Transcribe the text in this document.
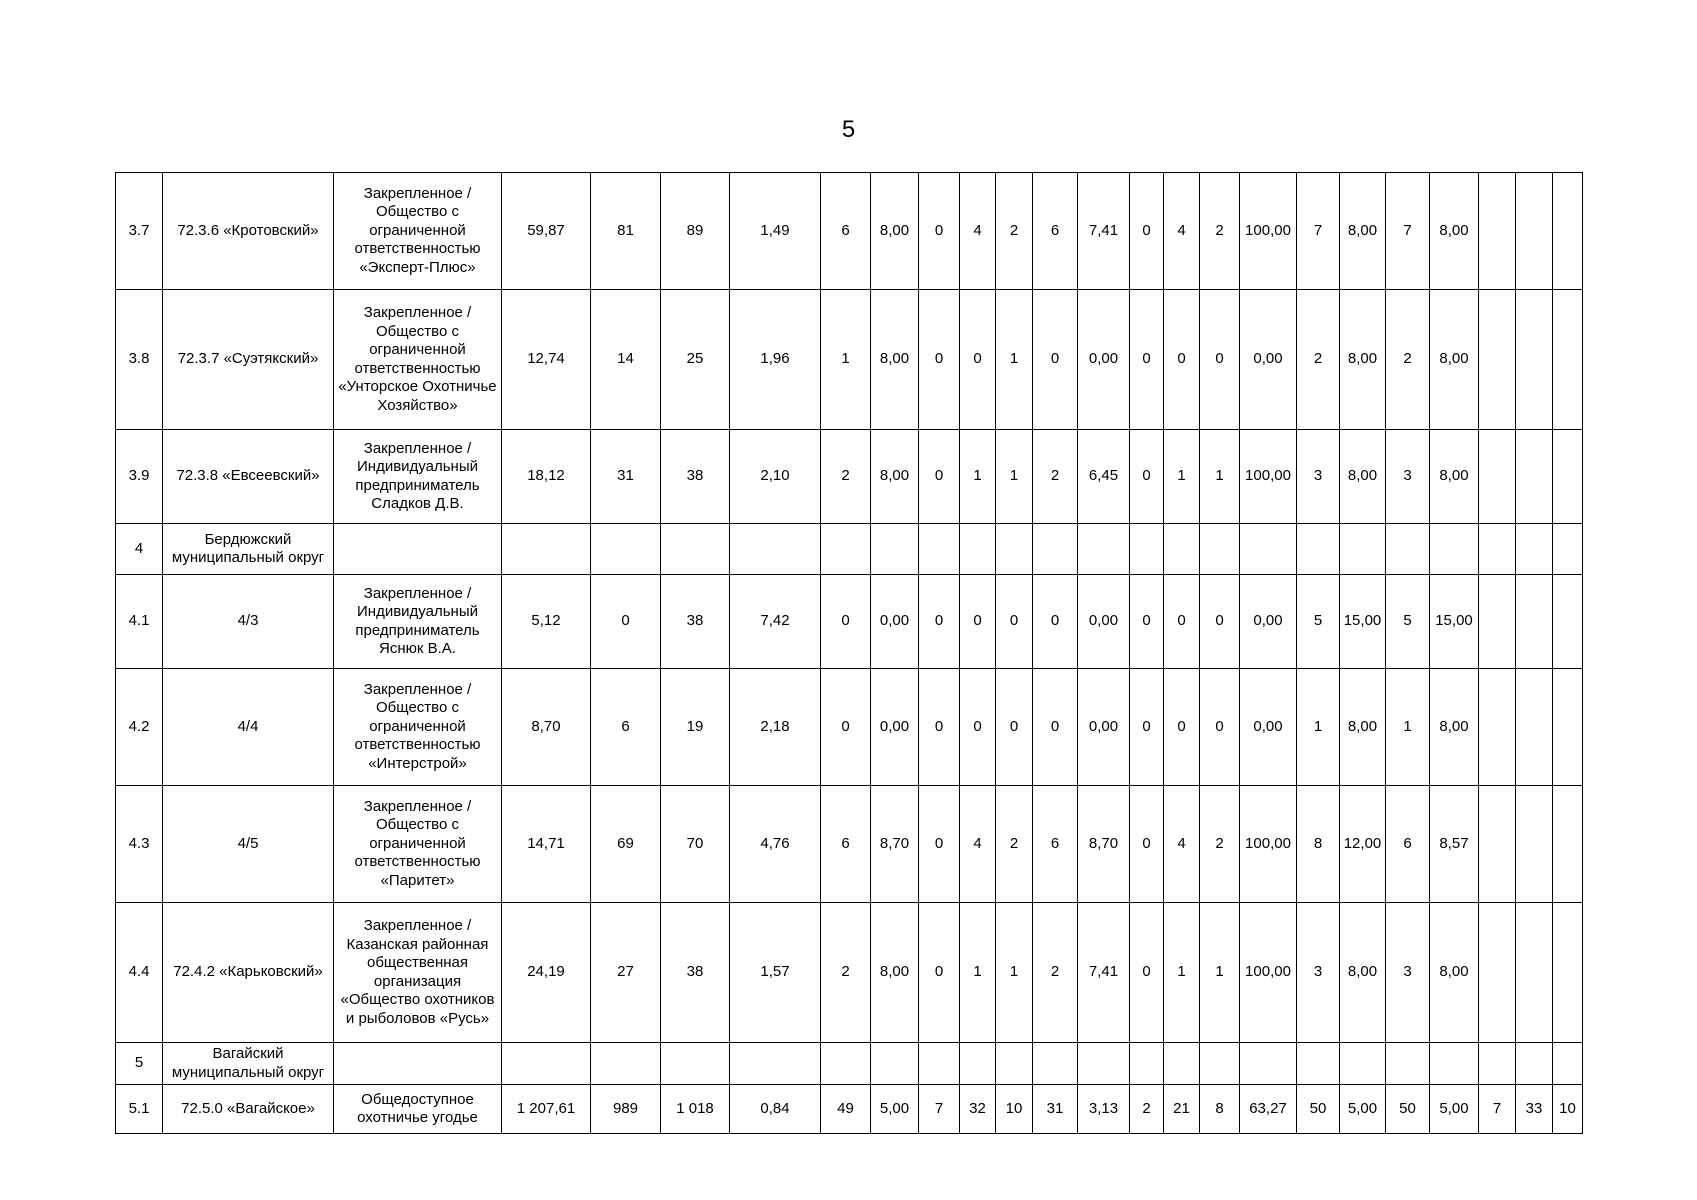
5
3.7	72.3.6 «Кротовский»	Закрепленное / Общество с ограниченной ответственностью «Эксперт-Плюс»	59,87	81	89	1,49	6	8,00	0	4	2	6	7,41	0	4	2	100,00	7	8,00	7	8,00			
3.8	72.3.7 «Суэтякский»	Закрепленное / Общество с ограниченной ответственностью «Унторское Охотничье Хозяйство»	12,74	14	25	1,96	1	8,00	0	0	1	0	0,00	0	0	0	0,00	2	8,00	2	8,00			
3.9	72.3.8 «Евсеевский»	Закрепленное / Индивидуальный предприниматель Сладков Д.В.	18,12	31	38	2,10	2	8,00	0	1	1	2	6,45	0	1	1	100,00	3	8,00	3	8,00			
4	Бердюжский муниципальный округ																							
4.1	4/3	Закрепленное / Индивидуальный предприниматель Яснюк В.А.	5,12	0	38	7,42	0	0,00	0	0	0	0	0,00	0	0	0	0,00	5	15,00	5	15,00			
4.2	4/4	Закрепленное / Общество с ограниченной ответственностью «Интерстрой»	8,70	6	19	2,18	0	0,00	0	0	0	0	0,00	0	0	0	0,00	1	8,00	1	8,00			
4.3	4/5	Закрепленное / Общество с ограниченной ответственностью «Паритет»	14,71	69	70	4,76	6	8,70	0	4	2	6	8,70	0	4	2	100,00	8	12,00	6	8,57			
4.4	72.4.2 «Карьковский»	Закрепленное / Казанская районная общественная организация «Общество охотников и рыболовов «Русь»	24,19	27	38	1,57	2	8,00	0	1	1	2	7,41	0	1	1	100,00	3	8,00	3	8,00			
5	Вагайский муниципальный округ																							
5.1	72.5.0 «Вагайское»	Общедоступное охотничье угодье	1 207,61	989	1 018	0,84	49	5,00	7	32	10	31	3,13	2	21	8	63,27	50	5,00	50	5,00	7	33	10
